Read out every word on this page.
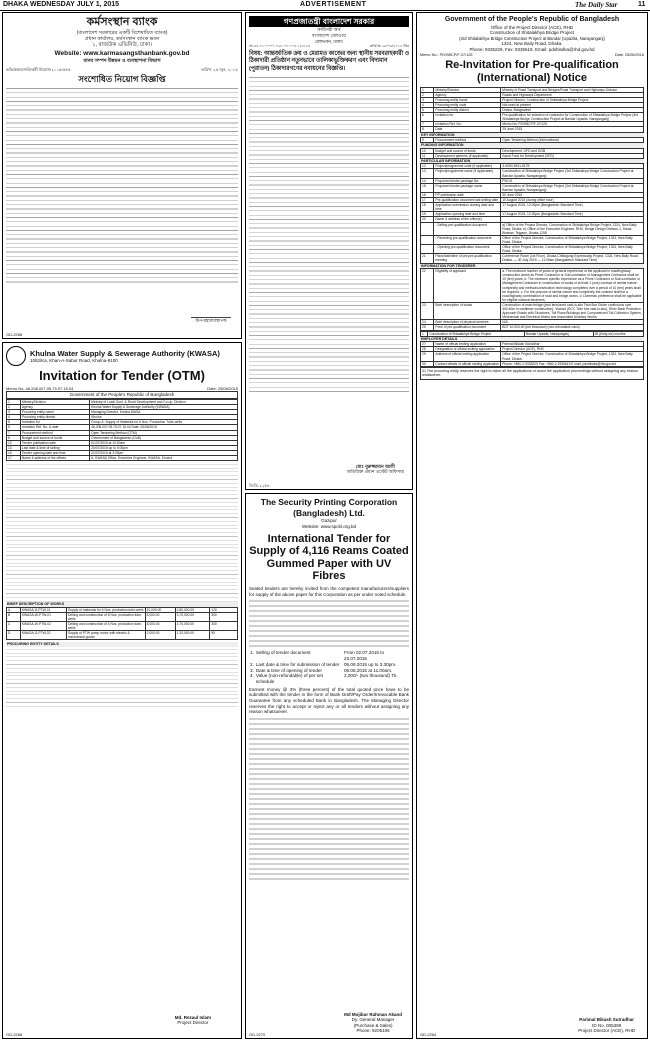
DHAKA WEDNESDAY JULY 1, 2015	ADVERTISEMENT	The Daily Star	11
কর্মসংস্থান ব্যাংক
(বাংলাদেশ সরকারের একটি বিশেষায়িত ব্যাংক)
প্রধান কার্যালয়, কর্মসংস্থান ব্যাংক ভবন
১, রাজউক এভিনিউ, ঢাকা।
Website: www.karmasangsthanbank.gov.bd
মানব সম্পদ উন্নয়ন ও ব্যবস্থাপনা বিভাগ
কবি/প্রকা/মাসউ/কর্মী নিয়োগ/২০১৫/৫৫৫	তারিখ: ২৫ জুন, ২০১৫
সংশোধিত নিয়োগ বিজ্ঞপ্তি
উপ-মহাব্যবস্থাপক
GD-2268
Khulna Water Supply & Sewerage Authority (KWASA)
1062/Ka, Khan-A-Sabur Road, Khulna-9100
Invitation for Tender (OTM)
Memo No. 46.208.007.05.75.07.15.04	Date: 25/06/2015
Government of the People's Republic of Bangladesh
1	Ministry/Division	Ministry of Local Govt. & Rural Development and Co-op. Division
2	Agency	Khulna Water Supply & Sewerage Authority (KWASA)
3	Procuring entity name	Managing Director, Khulna WASA
4	Procuring entity district	Khulna
5	Invitation for	Group-A: Supply of Materials for 6 Nos. Production Tube-wells
6	Invitation Ref. No. & date	46.208.007.05.75.07.15.04 Date: 25/06/2015
7	Procurement method	Open Tendering Method (OTM)
8	Budget and source of funds	Government of Bangladesh (GoB)
12	Tender publication date	01/07/2015 at 10:00am
13	Last date & time of selling	20/07/2015 up to 5:00pm
15	Tender opening date and time	21/07/2015 at 3:30pm
17	Name & address of the offices	A. KWASA Office, Executive Engineer, KWASA, Khulna
BRIEF DESCRIPTION OF WORKS
A	KWASA-G-PTW-01	Supply of materials for 6 Nos. production tube-wells	10,000.00	2,80,000.00	120
B	KWASA-W-PTW-01	Drilling and construction of 6 Nos. production tube-wells	8,000.00	3,70,000.00	300
C	KWASA-W-PTW-02	Drilling and construction of 4 Nos. production tube-wells	8,000.00	3,70,000.00	300
D	KWASA-G-PTW-02	Supply of PTW pump motor with electric & mechanical goods	2,000.00	1,20,000.00	90
PROCURING ENTITY DETAILS
Md. Rezaul Islam
Project Director
GD-2266
গণপ্রজাতন্ত্রী বাংলাদেশ সরকার
কারিগরী অর্থ
বাংলাদেশ রেলওয়ে
রেলভবন, ঢাকা।
নং-৫৪.০১.০০০০.০২৮.০৭.০০৫.১৫-৮২৪	তারিখঃ ২৮/০৬/২০১৫ খ্রিঃ
বিষয়: আন্তর্জাতিক ক্রয় ও মেরামত কাজের জন্য স্থানীয় সরবরাহকারী ও ঠিকাদারী প্রতিষ্ঠান নতুনভাবে তালিকাভুক্তিকরণ এবং বিদ্যমান (পুরাতন) ঠিকাদারগণের নবায়নের বিজ্ঞপ্তি।
মোঃ নুরুজ্জামান আলী
অতিরিক্ত প্রধান এস্টেট অফিসার
জিডি-২২৫৮
The Security Printing Corporation (Bangladesh) Ltd.
Gazipur
Website: www.spcbl.org.bd
International Tender for Supply of 4,116 Reams Coated Gummed Paper with UV Fibres
Sealed tenders are hereby invited from the competent manufacturers/suppliers for supply of the above paper for this Corporation as per under noted schedule.
1.	Selling of tender document	From 02.07.2015 to 23.07.2015
2.	Last date & time for submission of tender	05.08.2015 up to 3.30pm.
3.	Date & time of opening of tender	06.08.2015 at 11.00am.
4.	Value (non-refundable) of per set schedule	2,000/- (two thousand) Tk.
Earnest money @ 3% (three percent) of the total quoted price have to be submitted with the tender in the form of Bank Draft/Pay Order/Irrevocable Bank Guarantee from any scheduled Bank in Bangladesh. The Managing Director reserves the right to accept or reject any or all tenders without assigning any reason whatsoever.
Md Mojibur Rahman Akand
Dy. General Manager
(Purchase & Sales)
Phone: 9205106
GD-2270
Government of the People's Republic of Bangladesh
Office of the Project Director (ACE), RHD
Construction of Shitalakhya Bridge Project
(3rd Shitalakhya Bridge Construction Project at Bandar (Upazila, Narayanganj)
1324, New Baily Road, Dhaka.
Phone: 9335229, Fax: 9335619, Email: pdshitolka@rhd.gov.bd
Memo No.: PD/SBCP/F-37/125	Date: 25/06/2015
Re-Invitation for Pre-qualification (International) Notice
1	Ministry/Division	Ministry of Road Transport and Bridges/Road Transport and Highways Division
2	Agency	Roads and Highways Department
3	Procuring entity name	Project Director, Construction of Shitalakhya Bridge Project
4	Procuring entity code	Not used at present
5	Procuring entity district	Dhaka, Bangladesh
6	Invitation for	Pre-qualification for selection of contractor for Construction of Shitalakhya Bridge Project (3rd Shitalakhya Bridge Construction Project at Bandar Upazila, Narayanganj)
7	Invitation Ref. No.	Memo No. PD/SBCP/F-37/125
8	Date	25 June 2015
KEY INFORMATION
9	Procurement method	Open Tendering Method (International)
FUNDING INFORMATION
10	Budget and source of funds	Development, GFD and GOB
11	Development partners (if applicable)	Saudi Fund for Development (SFD)
PARTICULAR INFORMATION
12	Project/programme code (if applicable)	3-5050-5941-5175
13	Project/programme name (if applicable)	Construction of Shitalakhya Bridge Project (3rd Shitalakhya Bridge Construction Project at Bandar Upazila, Narayanganj)
14	Proposed tender package No.	PW-01
15	Proposed tender package name	Construction of Shitalakhya Bridge Project (3rd Shitalakhya Bridge Construction Project at Bandar Upazila, Narayanganj)
16	PP publication date	30 June 2015
17	Pre-qualification document last selling date	10 August 2015 (during office hour)
18	Application submission closing date and time	17 August 2015, 12.00pm (Bangladesh Standard Time)
19	Application opening date and time	17 August 2015, 12.30pm (Bangladesh Standard Time)
20	Name & address of the office(s)	
	- Selling pre-qualification document	a) Office of the Project Director, Construction of Shitalakhya Bridge Project, 1324, New Baily Road, Dhaka. b) Office of the Executive Engineer, RHD, Bridge Design Division-1, Sarak Bhaban, Tejgaon, Dhaka-1208
	- Receiving pre-qualification document	Office of the Project Director, Construction of Shitalakhya Bridge Project, 1324, New Baily Road, Dhaka.
	- Opening pre-qualification document	Office of the Project Director, Construction of Shitalakhya Bridge Project, 1324, New Baily Road, Dhaka.
21	Place/date/time of pre-pre-qualification meeting	Conference Room (1st Floor), Dhaka-Chittagong Expressway Project, 1324, New Baily Road, Dhaka. — 30 July 2015 — 11:00am (Bangladesh Standard Time)
INFORMATION FOR TENDERER
22	Eligibility of applicant	a. The minimum number of years of general experience of the applicant in road/highway construction works as Prime Contractor or Sub-contractor or Management Contractor shall be 10 (ten) years. b. The minimum specific experience as a Prime Contractor or Sub-contractor or Management Contractor in construction of works of at least 1 (one) contract of similar nature, complexity and method/construction technology completed over a period of 10 (ten) years shall be required. c. For the purpose of similar nature and complexity the contract shall be a road/highway combination of road and bridge works. d. Domestic preference shall be applicable for eligible national tenderers.
23	Brief description of works	Construction of main bridge (post tensioned cast-in-situ Twin Box Girder continuous over 400.60m in cantilever construction), Viaduct (RCC Twin box cast-in-situ), River Bank Protection Approach Roads with Structures, Toll Plaza Buildings and Computerized Toll Collection System, Mechanical and Electrical Works and Associated Ancillary Works.
24	Brief description of physical services	N/A
25	Price of pre-qualification document	BDT 10,000.00 (ten thousand) (non-refundable cash)
1	Construction of Shitalakhya Bridge Project	Bandar Upazila, Narayanganj	36 (thirty-six) months
EMPLOYER DETAILS
27	Name of official inviting application	Parimal Bikash Sutradhar
28	Designation of official inviting application	Project Director (ACE), RHD
29	Address of official inviting application	Office of the Project Director, Construction of Shitalakhya Bridge Project, 1324, New Baily Road, Dhaka.
30	Contact details of official inviting application	Phone: +880-2-9335229 Fax: +880-2-9335619 E-mail: pdshitolka@rhd.gov.bd
31 The procuring entity reserves the right to reject all the applications or annul the application proceedings without assigning any reason whatsoever.
Parimal Bikash Sutradhar
ID No. 005398
Project Director (ACE), RHD
GD-2264
